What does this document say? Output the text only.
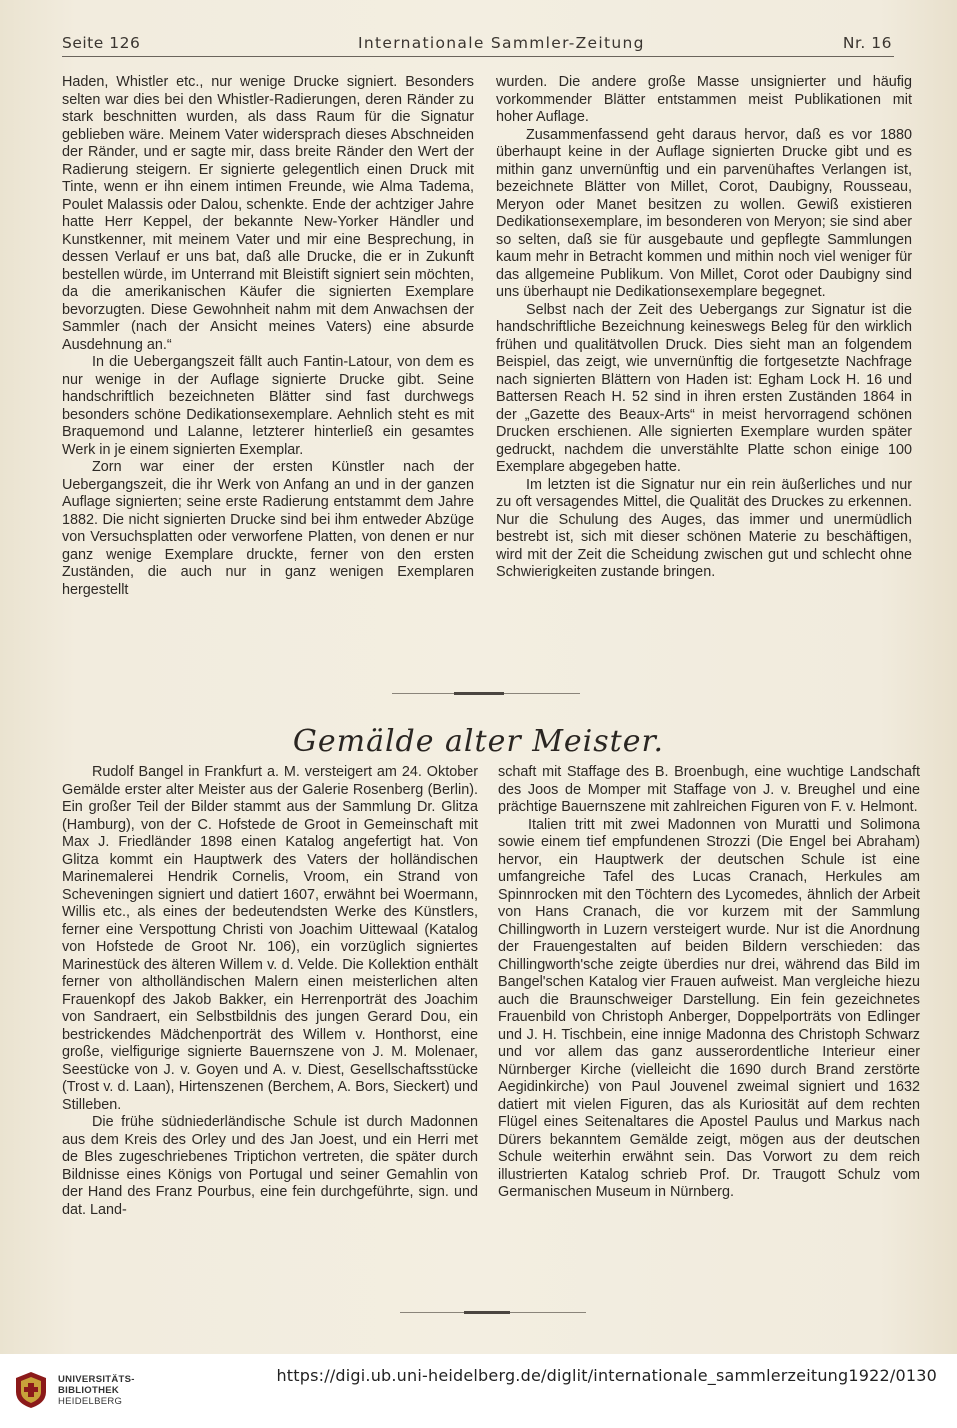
Seite 126	Internationale Sammler-Zeitung	Nr. 16

Haden, Whistler etc., nur wenige Drucke signiert. Besonders selten war dies bei den Whistler-Radierungen, deren Ränder zu stark beschnitten wurden, als dass Raum für die Signatur geblieben wäre. Meinem Vater widersprach dieses Abschneiden der Ränder, und er sagte mir, dass breite Ränder den Wert der Radierung steigern. Er signierte gelegentlich einen Druck mit Tinte, wenn er ihn einem intimen Freunde, wie Alma Tadema, Poulet Malassis oder Dalou, schenkte. Ende der achtziger Jahre hatte Herr Keppel, der bekannte New-Yorker Händler und Kunstkenner, mit meinem Vater und mir eine Besprechung, in dessen Verlauf er uns bat, daß alle Drucke, die er in Zukunft bestellen würde, im Unterrand mit Bleistift signiert sein möchten, da die amerikanischen Käufer die signierten Exemplare bevorzugten. Diese Gewohnheit nahm mit dem Anwachsen der Sammler (nach der Ansicht meines Vaters) eine absurde Ausdehnung an.“

In die Uebergangszeit fällt auch Fantin-Latour, von dem es nur wenige in der Auflage signierte Drucke gibt. Seine handschriftlich bezeichneten Blätter sind fast durchwegs besonders schöne Dedikationsexemplare. Aehnlich steht es mit Braquemond und Lalanne, letzterer hinterließ ein gesamtes Werk in je einem signierten Exemplar.

Zorn war einer der ersten Künstler nach der Uebergangszeit, die ihr Werk von Anfang an und in der ganzen Auflage signierten; seine erste Radierung entstammt dem Jahre 1882. Die nicht signierten Drucke sind bei ihm entweder Abzüge von Versuchsplatten oder verworfene Platten, von denen er nur ganz wenige Exemplare druckte, ferner von den ersten Zuständen, die auch nur in ganz wenigen Exemplaren hergestellt

wurden. Die andere große Masse unsignierter und häufig vorkommender Blätter entstammen meist Publikationen mit hoher Auflage.

Zusammenfassend geht daraus hervor, daß es vor 1880 überhaupt keine in der Auflage signierten Drucke gibt und es mithin ganz unvernünftig und ein parvenühaftes Verlangen ist, bezeichnete Blätter von Millet, Corot, Daubigny, Rousseau, Meryon oder Manet besitzen zu wollen. Gewiß existieren Dedikationsexemplare, im besonderen von Meryon; sie sind aber so selten, daß sie für ausgebaute und gepflegte Sammlungen kaum mehr in Betracht kommen und mithin noch viel weniger für das allgemeine Publikum. Von Millet, Corot oder Daubigny sind uns überhaupt nie Dedikationsexemplare begegnet.

Selbst nach der Zeit des Uebergangs zur Signatur ist die handschriftliche Bezeichnung keineswegs Beleg für den wirklich frühen und qualitätvollen Druck. Dies sieht man an folgendem Beispiel, das zeigt, wie unvernünftig die fortgesetzte Nachfrage nach signierten Blättern von Haden ist: Egham Lock H. 16 und Battersen Reach H. 52 sind in ihren ersten Zuständen 1864 in der „Gazette des Beaux-Arts“ in meist hervorragend schönen Drucken erschienen. Alle signierten Exemplare wurden später gedruckt, nachdem die unverstählte Platte schon einige 100 Exemplare abgegeben hatte.

Im letzten ist die Signatur nur ein rein äußerliches und nur zu oft versagendes Mittel, die Qualität des Druckes zu erkennen. Nur die Schulung des Auges, das immer und unermüdlich bestrebt ist, sich mit dieser schönen Materie zu beschäftigen, wird mit der Zeit die Scheidung zwischen gut und schlecht ohne Schwierigkeiten zustande bringen.

Gemälde alter Meister.

Rudolf Bangel in Frankfurt a. M. versteigert am 24. Oktober Gemälde erster alter Meister aus der Galerie Rosenberg (Berlin). Ein großer Teil der Bilder stammt aus der Sammlung Dr. Glitza (Hamburg), von der C. Hofstede de Groot in Gemeinschaft mit Max J. Friedländer 1898 einen Katalog angefertigt hat. Von Glitza kommt ein Hauptwerk des Vaters der holländischen Marinemalerei Hendrik Cornelis, Vroom, ein Strand von Scheveningen signiert und datiert 1607, erwähnt bei Woermann, Willis etc., als eines der bedeutendsten Werke des Künstlers, ferner eine Verspottung Christi von Joachim Uittewaal (Katalog von Hofstede de Groot Nr. 106), ein vorzüglich signiertes Marinestück des älteren Willem v. d. Velde. Die Kollektion enthält ferner von altholländischen Malern einen meisterlichen alten Frauenkopf des Jakob Bakker, ein Herrenporträt des Joachim von Sandraert, ein Selbstbildnis des jungen Gerard Dou, ein bestrickendes Mädchenporträt des Willem v. Honthorst, eine große, vielfigurige signierte Bauernszene von J. M. Molenaer, Seestücke von J. v. Goyen und A. v. Diest, Gesellschaftsstücke (Trost v. d. Laan), Hirtenszenen (Berchem, A. Bors, Sieckert) und Stilleben.

Die frühe südniederländische Schule ist durch Madonnen aus dem Kreis des Orley und des Jan Joest, und ein Herri met de Bles zugeschriebenes Triptichon vertreten, die später durch Bildnisse eines Königs von Portugal und seiner Gemahlin von der Hand des Franz Pourbus, eine fein durchgeführte, sign. und dat. Land-

schaft mit Staffage des B. Broenbugh, eine wuchtige Landschaft des Joos de Momper mit Staffage von J. v. Breughel und eine prächtige Bauernszene mit zahlreichen Figuren von F. v. Helmont.

Italien tritt mit zwei Madonnen von Muratti und Solimona sowie einem tief empfundenen Strozzi (Die Engel bei Abraham) hervor, ein Hauptwerk der deutschen Schule ist eine umfangreiche Tafel des Lucas Cranach, Herkules am Spinnrocken mit den Töchtern des Lycomedes, ähnlich der Arbeit von Hans Cranach, die vor kurzem mit der Sammlung Chillingworth in Luzern versteigert wurde. Nur ist die Anordnung der Frauengestalten auf beiden Bildern verschieden: das Chillingworth'sche zeigte überdies nur drei, während das Bild im Bangel'schen Katalog vier Frauen aufweist. Man vergleiche hiezu auch die Braunschweiger Darstellung. Ein fein gezeichnetes Frauenbild von Christoph Anberger, Doppelporträts von Edlinger und J. H. Tischbein, eine innige Madonna des Christoph Schwarz und vor allem das ganz ausserordentliche Interieur einer Nürnberger Kirche (vielleicht die 1690 durch Brand zerstörte Aegidinkirche) von Paul Jouvenel zweimal signiert und 1632 datiert mit vielen Figuren, das als Kuriosität auf dem rechten Flügel eines Seitenaltares die Apostel Paulus und Markus nach Dürers bekanntem Gemälde zeigt, mögen aus der deutschen Schule weiterhin erwähnt sein. Das Vorwort zu dem reich illustrierten Katalog schrieb Prof. Dr. Traugott Schulz vom Germanischen Museum in Nürnberg.

UNIVERSITÄTS-
BIBLIOTHEK
HEIDELBERG
https://digi.ub.uni-heidelberg.de/diglit/internationale_sammlerzeitung1922/0130
